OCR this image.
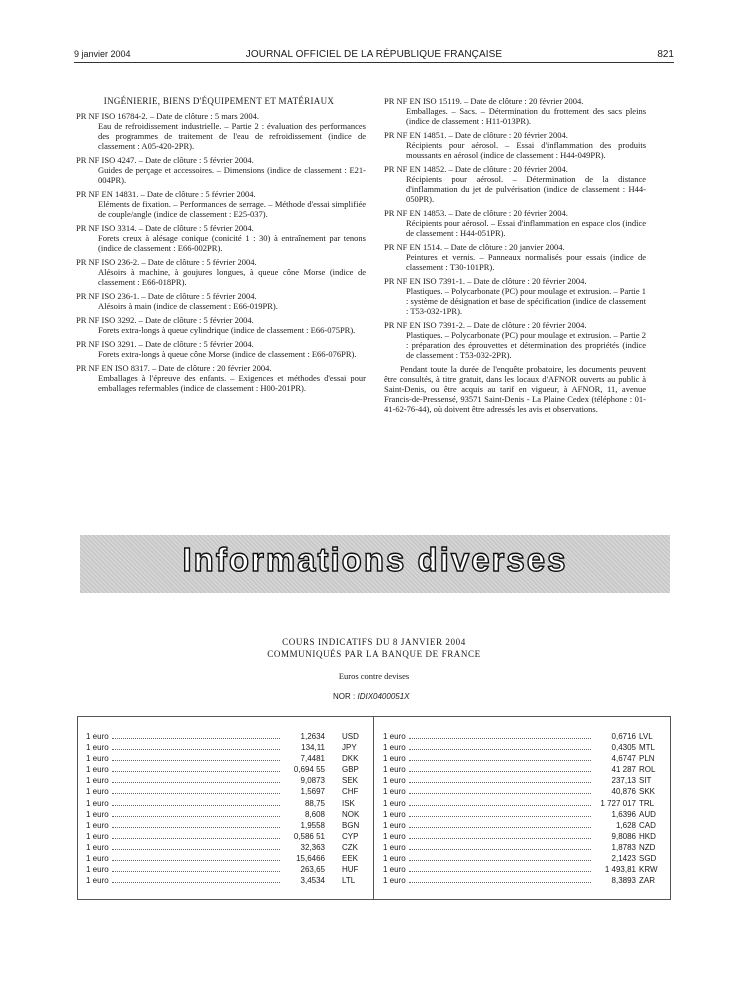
9 janvier 2004	JOURNAL OFFICIEL DE LA RÉPUBLIQUE FRANÇAISE	821
INGÉNIERIE, BIENS D'ÉQUIPEMENT ET MATÉRIAUX
PR NF ISO 16784-2. – Date de clôture : 5 mars 2004.
Eau de refroidissement industrielle. – Partie 2 : évaluation des performances des programmes de traitement de l'eau de refroidissement (indice de classement : A05-420-2PR).
PR NF ISO 4247. – Date de clôture : 5 février 2004.
Guides de perçage et accessoires. – Dimensions (indice de classement : E21-004PR).
PR NF EN 14831. – Date de clôture : 5 février 2004.
Eléments de fixation. – Performances de serrage. – Méthode d'essai simplifiée de couple/angle (indice de classement : E25-037).
PR NF ISO 3314. – Date de clôture : 5 février 2004.
Forets creux à alésage conique (conicité 1 : 30) à entraînement par tenons (indice de classement : E66-002PR).
PR NF ISO 236-2. – Date de clôture : 5 février 2004.
Alésoirs à machine, à goujures longues, à queue cône Morse (indice de classement : E66-018PR).
PR NF ISO 236-1. – Date de clôture : 5 février 2004.
Alésoirs à main (indice de classement : E66-019PR).
PR NF ISO 3292. – Date de clôture : 5 février 2004.
Forets extra-longs à queue cylindrique (indice de classement : E66-075PR).
PR NF ISO 3291. – Date de clôture : 5 février 2004.
Forets extra-longs à queue cône Morse (indice de classement : E66-076PR).
PR NF EN ISO 8317. – Date de clôture : 20 février 2004.
Emballages à l'épreuve des enfants. – Exigences et méthodes d'essai pour emballages refermables (indice de classement : H00-201PR).
PR NF EN ISO 15119. – Date de clôture : 20 février 2004.
Emballages. – Sacs. – Détermination du frottement des sacs pleins (indice de classement : H11-013PR).
PR NF EN 14851. – Date de clôture : 20 février 2004.
Récipients pour aérosol. – Essai d'inflammation des produits moussants en aérosol (indice de classement : H44-049PR).
PR NF EN 14852. – Date de clôture : 20 février 2004.
Récipients pour aérosol. – Détermination de la distance d'inflammation du jet de pulvérisation (indice de classement : H44-050PR).
PR NF EN 14853. – Date de clôture : 20 février 2004.
Récipients pour aérosol. – Essai d'inflammation en espace clos (indice de classement : H44-051PR).
PR NF EN 1514. – Date de clôture : 20 janvier 2004.
Peintures et vernis. – Panneaux normalisés pour essais (indice de classement : T30-101PR).
PR NF EN ISO 7391-1. – Date de clôture : 20 février 2004.
Plastiques. – Polycarbonate (PC) pour moulage et extrusion. – Partie 1 : système de désignation et base de spécification (indice de classement : T53-032-1PR).
PR NF EN ISO 7391-2. – Date de clôture : 20 février 2004.
Plastiques. – Polycarbonate (PC) pour moulage et extrusion. – Partie 2 : préparation des éprouvettes et détermination des propriétés (indice de classement : T53-032-2PR).
Pendant toute la durée de l'enquête probatoire, les documents peuvent être consultés, à titre gratuit, dans les locaux d'AFNOR ouverts au public à Saint-Denis, ou être acquis au tarif en vigueur, à AFNOR, 11, avenue Francis-de-Pressensé, 93571 Saint-Denis - La Plaine Cedex (téléphone : 01-41-62-76-44), où doivent être adressés les avis et observations.
Informations diverses
COURS INDICATIFS DU 8 JANVIER 2004
COMMUNIQUÉS PAR LA BANQUE DE FRANCE
Euros contre devises
NOR : IDIX0400051X
1 euro	1,2634 USD
1 euro	134,11 JPY
1 euro	7,4481 DKK
1 euro	0,694 55 GBP
1 euro	9,0873 SEK
1 euro	1,5697 CHF
1 euro	88,75 ISK
1 euro	8,608 NOK
1 euro	1,9558 BGN
1 euro	0,586 51 CYP
1 euro	32,363 CZK
1 euro	15,6466 EEK
1 euro	263,65 HUF
1 euro	3,4534 LTL
1 euro	0,6716 LVL
1 euro	0,4305 MTL
1 euro	4,6747 PLN
1 euro	41 287 ROL
1 euro	237,13 SIT
1 euro	40,876 SKK
1 euro	1 727 017 TRL
1 euro	1,6396 AUD
1 euro	1,628 CAD
1 euro	9,8086 HKD
1 euro	1,8783 NZD
1 euro	2,1423 SGD
1 euro	1 493,81 KRW
1 euro	8,3893 ZAR
